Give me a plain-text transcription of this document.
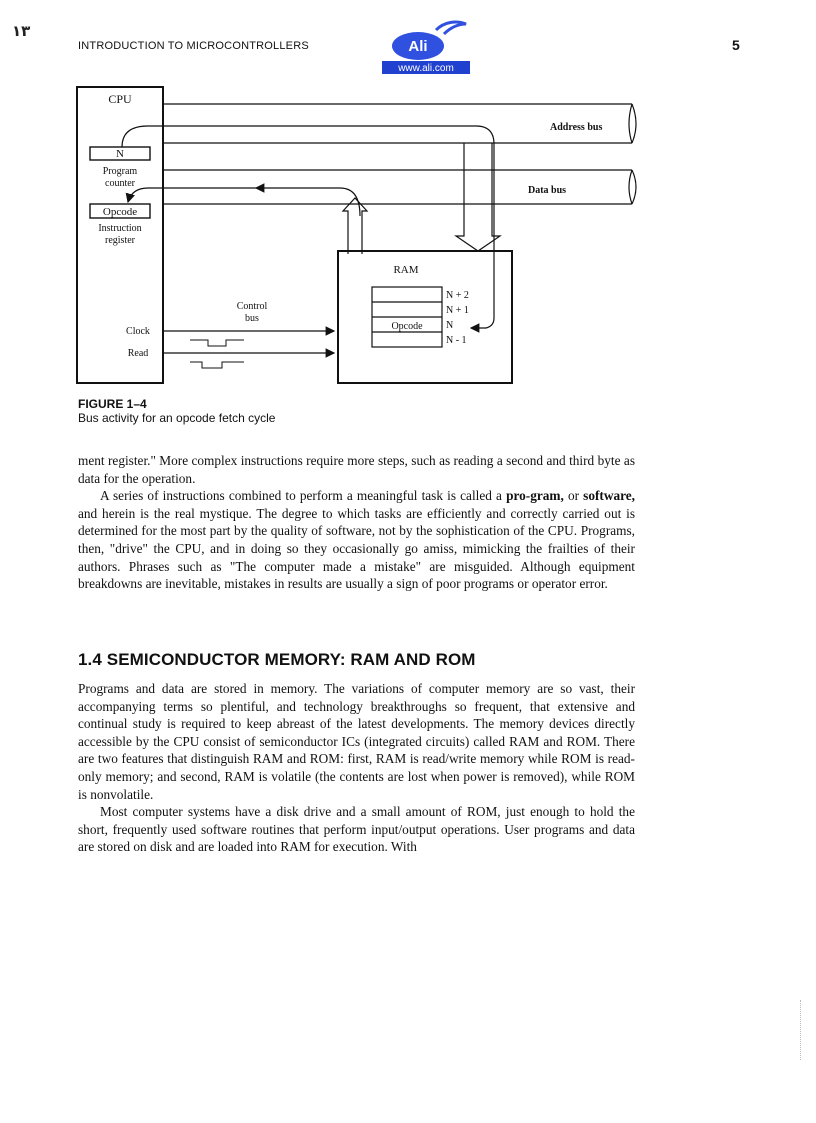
۱۳
INTRODUCTION TO MICROCONTROLLERS	5
Ali
www.ali.com
CPU
N
Program
counter
Opcode
Instruction
register
Address bus
Data bus
RAM
Opcode
N + 2
N + 1
N
N - 1
Control
bus
Clock
Read
FIGURE 1–4
Bus activity for an opcode fetch cycle

ment register." More complex instructions require more steps, such as reading a second and third byte as data for the operation.

A series of instructions combined to perform a meaningful task is called a pro-gram, or software, and herein is the real mystique. The degree to which tasks are efficiently and correctly carried out is determined for the most part by the quality of software, not by the sophistication of the CPU. Programs, then, "drive" the CPU, and in doing so they occasionally go amiss, mimicking the frailties of their authors. Phrases such as "The computer made a mistake" are misguided. Although equipment breakdowns are inevitable, mistakes in results are usually a sign of poor programs or operator error.

1.4 SEMICONDUCTOR MEMORY: RAM AND ROM

Programs and data are stored in memory. The variations of computer memory are so vast, their accompanying terms so plentiful, and technology breakthroughs so frequent, that extensive and continual study is required to keep abreast of the latest developments. The memory devices directly accessible by the CPU consist of semiconductor ICs (integrated circuits) called RAM and ROM. There are two features that distinguish RAM and ROM: first, RAM is read/write memory while ROM is read-only memory; and second, RAM is volatile (the contents are lost when power is removed), while ROM is nonvolatile.

Most computer systems have a disk drive and a small amount of ROM, just enough to hold the short, frequently used software routines that perform input/output operations. User programs and data are stored on disk and are loaded into RAM for execution. With
